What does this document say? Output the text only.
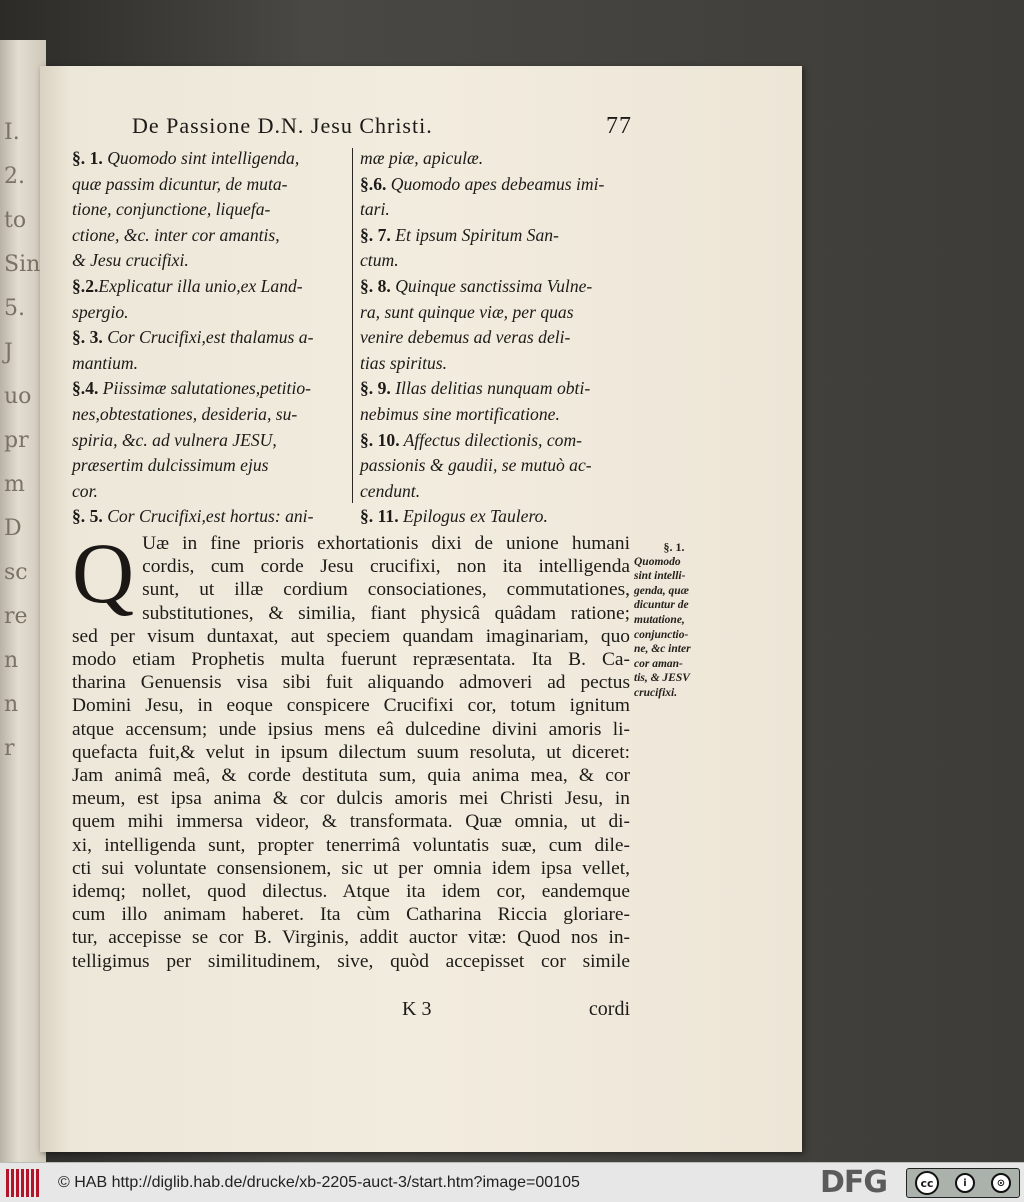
I.
2.
to
Sin
5.
J
uo
pr
m
D
sc
re
n
n
r
De Passione D.N. Jesu Christi.	77
§. 1. Quomodo sint intelligenda,
quæ passim dicuntur, de muta-
tione, conjunctione, liquefa-
ctione, &c. inter cor amantis,
& Jesu crucifixi.
§.2.Explicatur illa unio,ex Land-
spergio.
§. 3. Cor Crucifixi,est thalamus a-
mantium.
§.4. Piissimæ salutationes,petitio-
nes,obtestationes, desideria, su-
spiria, &c. ad vulnera JESU,
præsertim dulcissimum ejus
cor.
§. 5. Cor Crucifixi,est hortus: ani-
mæ piæ, apiculæ.
§.6. Quomodo apes debeamus imi-
tari.
§. 7. Et ipsum Spiritum San-
ctum.
§. 8. Quinque sanctissima Vulne-
ra, sunt quinque viæ, per quas
venire debemus ad veras deli-
tias spiritus.
§. 9. Illas delitias nunquam obti-
nebimus sine mortificatione.
§. 10. Affectus dilectionis, com-
passionis & gaudii, se mutuò ac-
cendunt.
§. 11. Epilogus ex Taulero.
Q Uæ in fine prioris exhortationis dixi de unione humani
cordis, cum corde Jesu crucifixi, non ita intelligenda
sunt, ut illæ cordium consociationes, commutationes,
substitutiones, & similia, fiant physicâ quâdam ratione;
sed per visum duntaxat, aut speciem quandam imaginariam, quo
modo etiam Prophetis multa fuerunt repræsentata. Ita B. Ca-
tharina Genuensis visa sibi fuit aliquando admoveri ad pectus
Domini Jesu, in eoque conspicere Crucifixi cor, totum ignitum
atque accensum; unde ipsius mens eâ dulcedine divini amoris li-
quefacta fuit,& velut in ipsum dilectum suum resoluta, ut diceret:
Jam animâ meâ, & corde destituta sum, quia anima mea, & cor
meum, est ipsa anima & cor dulcis amoris mei Christi Jesu, in
quem mihi immersa videor, & transformata. Quæ omnia, ut di-
xi, intelligenda sunt, propter tenerrimâ voluntatis suæ, cum dile-
cti sui voluntate consensionem, sic ut per omnia idem ipsa vellet,
idemq; nollet, quod dilectus. Atque ita idem cor, eandemque
cum illo animam haberet. Ita cùm Catharina Riccia gloriare-
tur, accepisse se cor B. Virginis, addit auctor vitæ: Quod nos in-
telligimus per similitudinem, sive, quòd accepisset cor simile
K 3	cordi
§. 1.
Quomodo
sint intelli-
genda, quæ
dicuntur de
mutatione,
conjunctio-
ne, &c inter
cor aman-
tis, & JESV
crucifixi.
© HAB http://diglib.hab.de/drucke/xb-2205-auct-3/start.htm?image=00105	DFG	cc	i	⊙
